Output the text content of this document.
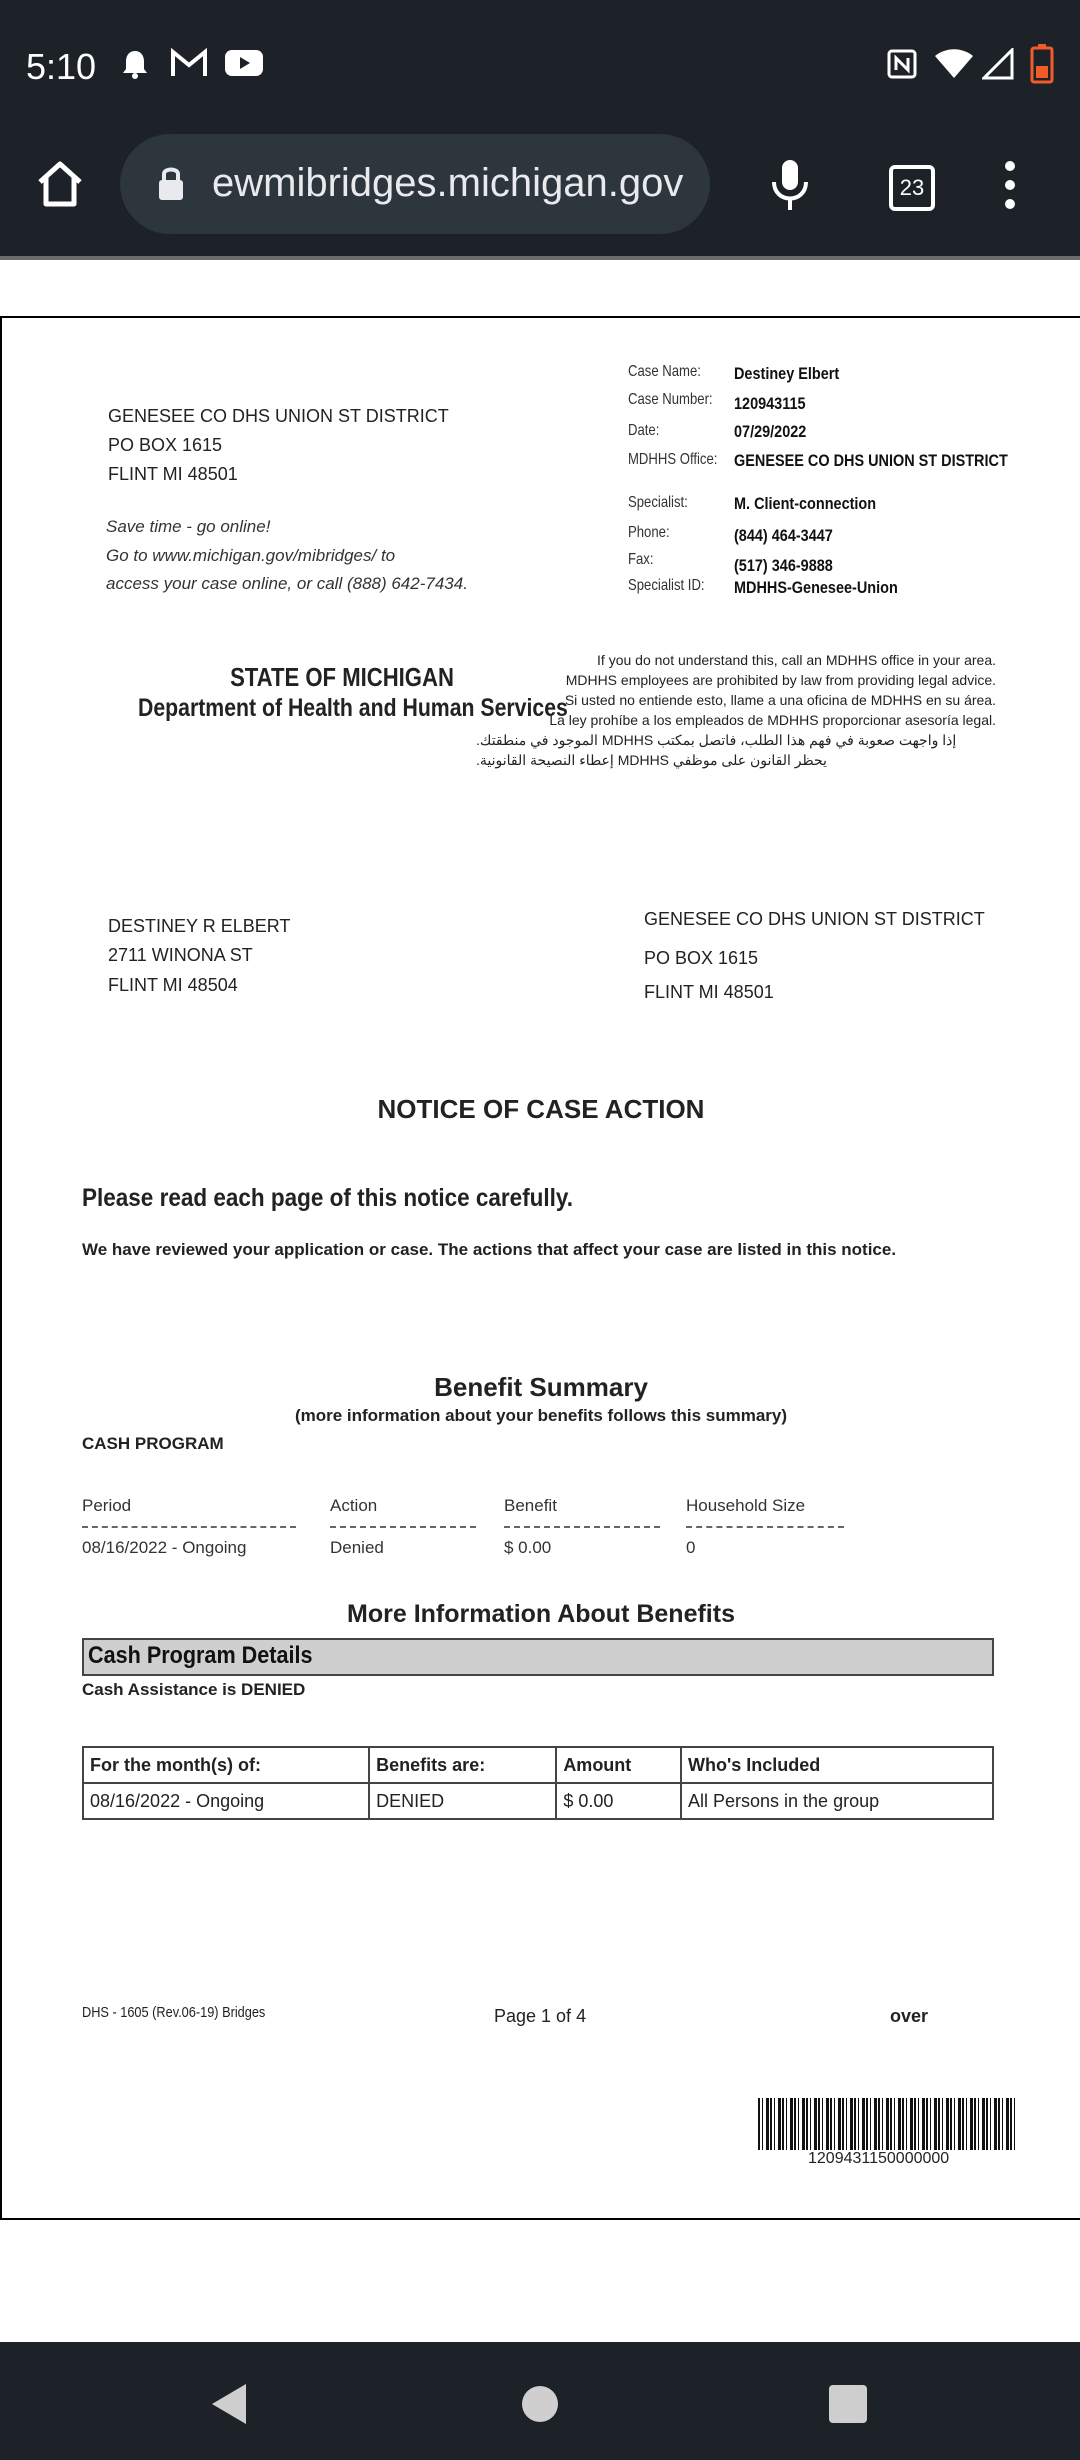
5:10
ewmibridges.michigan.gov	23
Case Name: Destiney Elbert
Case Number: 120943115
Date:	07/29/2022
MDHHS Office: GENESEE CO DHS UNION ST DISTRICT
Specialist:	M. Client-connection
Phone:	(844) 464-3447
Fax:	(517) 346-9888
Specialist ID: MDHHS-Genesee-Union
GENESEE CO DHS UNION ST DISTRICT
PO BOX 1615
FLINT MI 48501
Save time - go online!
Go to www.michigan.gov/mibridges/ to
access your case online, or call (888) 642-7434.
STATE OF MICHIGAN
Department of Health and Human Services
If you do not understand this, call an MDHHS office in your area.
MDHHS employees are prohibited by law from providing legal advice.
Si usted no entiende esto, llame a una oficina de MDHHS en su área.
La ley prohíbe a los empleados de MDHHS proporcionar asesoría legal.
إذا واجهت صعوبة في فهم هذا الطلب، فاتصل بمكتب MDHHS الموجود في منطقتك.
يحظر القانون على موظفي MDHHS إعطاء النصيحة القانونية.
DESTINEY R ELBERT
2711 WINONA ST
FLINT MI 48504
GENESEE CO DHS UNION ST DISTRICT
PO BOX 1615
FLINT MI 48501
NOTICE OF CASE ACTION
Please read each page of this notice carefully.
We have reviewed your application or case. The actions that affect your case are listed in this notice.
Benefit Summary
(more information about your benefits follows this summary)
CASH PROGRAM
Period	Action	Benefit	Household Size
08/16/2022 - Ongoing	Denied	$ 0.00	0
More Information About Benefits
Cash Program Details
Cash Assistance is DENIED
For the month(s) of:	Benefits are:	Amount	Who's Included
08/16/2022 - Ongoing	DENIED	$ 0.00	All Persons in the group
DHS - 1605 (Rev.06-19) Bridges	Page 1 of 4	over
1209431150000000
